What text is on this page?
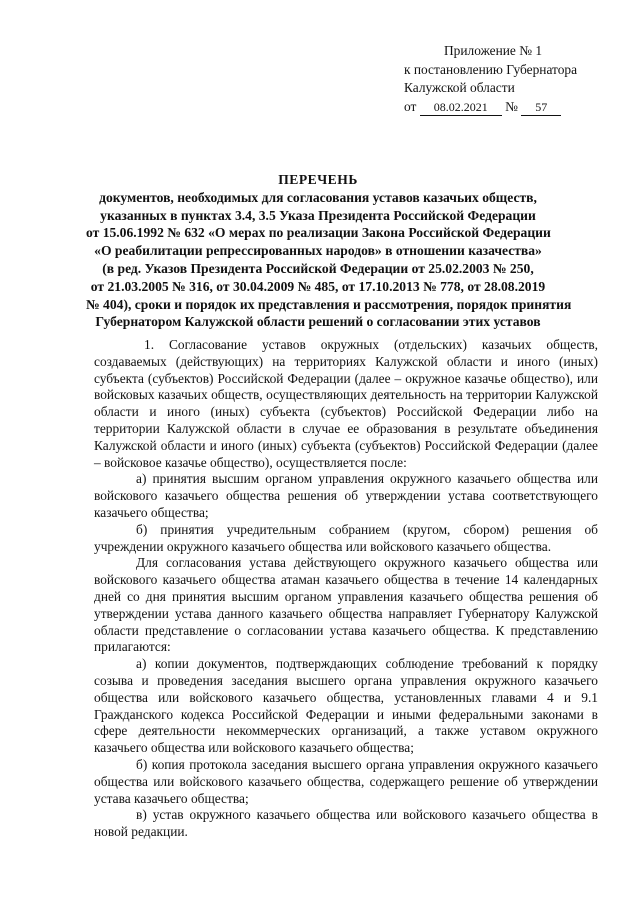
Приложение № 1
к постановлению Губернатора
Калужской области
от 08.02.2021 № 57
ПЕРЕЧЕНЬ
документов, необходимых для согласования уставов казачьих обществ,
указанных в пунктах 3.4, 3.5 Указа Президента Российской Федерации
от 15.06.1992 № 632 «О мерах по реализации Закона Российской Федерации
«О реабилитации репрессированных народов» в отношении казачества»
(в ред. Указов Президента Российской Федерации от 25.02.2003 № 250,
от 21.03.2005 № 316, от 30.04.2009 № 485, от 17.10.2013 № 778, от 28.08.2019
№ 404), сроки и порядок их представления и рассмотрения, порядок принятия
Губернатором Калужской области решений о согласовании этих уставов

1. Согласование уставов окружных (отдельских) казачьих обществ, создаваемых (действующих) на территориях Калужской области и иного (иных) субъекта (субъектов) Российской Федерации (далее – окружное казачье общество), или войсковых казачьих обществ, осуществляющих деятельность на территории Калужской области и иного (иных) субъекта (субъектов) Российской Федерации либо на территории Калужской области в случае ее образования в результате объединения Калужской области и иного (иных) субъекта (субъектов) Российской Федерации (далее – войсковое казачье общество), осуществляется после:

а) принятия высшим органом управления окружного казачьего общества или войскового казачьего общества решения об утверждении устава соответствующего казачьего общества;

б) принятия учредительным собранием (кругом, сбором) решения об учреждении окружного казачьего общества или войскового казачьего общества.

Для согласования устава действующего окружного казачьего общества или войскового казачьего общества атаман казачьего общества в течение 14 календарных дней со дня принятия высшим органом управления казачьего общества решения об утверждении устава данного казачьего общества направляет Губернатору Калужской области представление о согласовании устава казачьего общества. К представлению прилагаются:

а) копии документов, подтверждающих соблюдение требований к порядку созыва и проведения заседания высшего органа управления окружного казачьего общества или войскового казачьего общества, установленных главами 4 и 9.1 Гражданского кодекса Российской Федерации и иными федеральными законами в сфере деятельности некоммерческих организаций, а также уставом окружного казачьего общества или войскового казачьего общества;

б) копия протокола заседания высшего органа управления окружного казачьего общества или войскового казачьего общества, содержащего решение об утверждении устава казачьего общества;

в) устав окружного казачьего общества или войскового казачьего общества в новой редакции.
